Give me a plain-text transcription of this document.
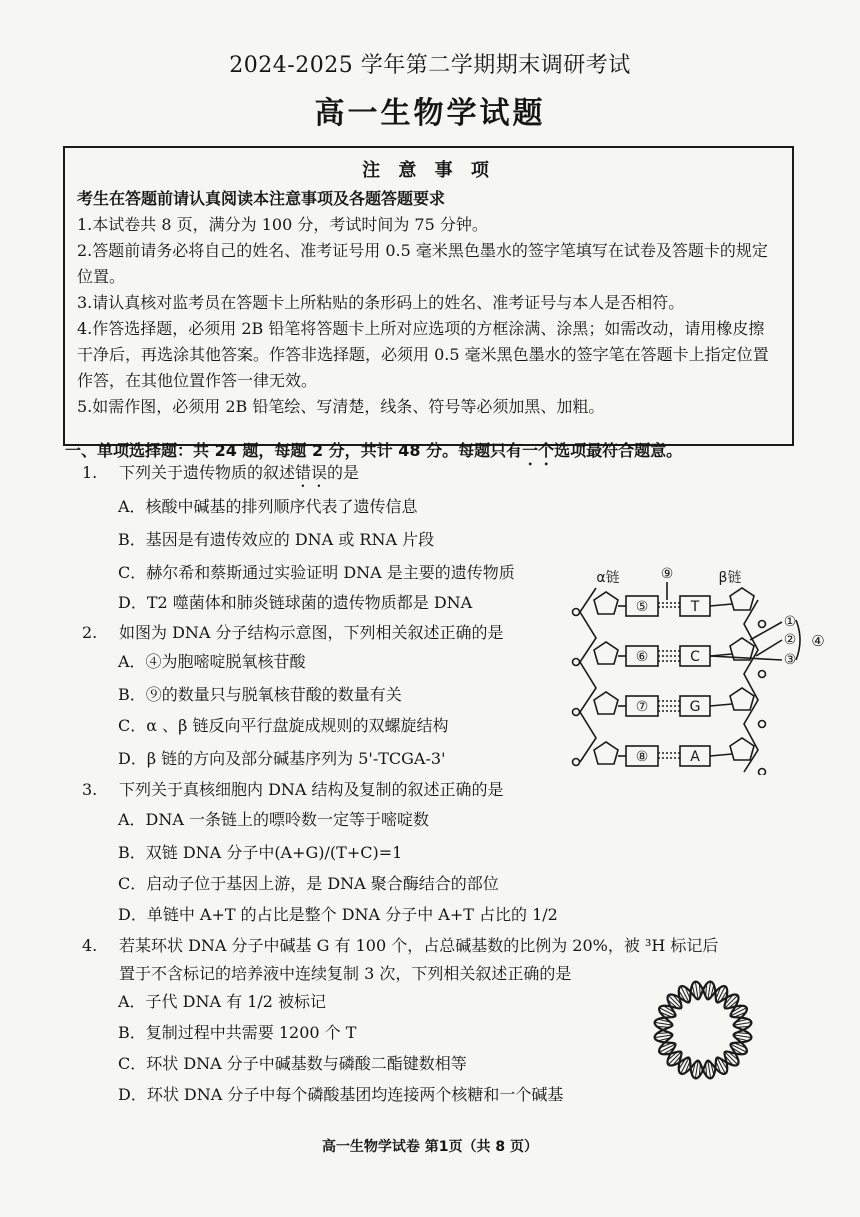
2024-2025 学年第二学期期末调研考试
高一生物学试题
注 意 事 项
考生在答题前请认真阅读本注意事项及各题答题要求
1.本试卷共 8 页，满分为 100 分，考试时间为 75 分钟。
2.答题前请务必将自己的姓名、准考证号用 0.5 毫米黑色墨水的签字笔填写在试卷及答题卡的规定位置。
3.请认真核对监考员在答题卡上所粘贴的条形码上的姓名、准考证号与本人是否相符。
4.作答选择题，必须用 2B 铅笔将答题卡上所对应选项的方框涂满、涂黑；如需改动，请用橡皮擦干净后，再选涂其他答案。作答非选择题，必须用 0.5 毫米黑色墨水的签字笔在答题卡上指定位置作答，在其他位置作答一律无效。
5.如需作图，必须用 2B 铅笔绘、写清楚，线条、符号等必须加黑、加粗。
一、单项选择题：共 24 题，每题 2 分，共计 48 分。每题只有一个选项最符合题意。
1.	下列关于遗传物质的叙述错误的是
A．核酸中碱基的排列顺序代表了遗传信息
B．基因是有遗传效应的 DNA 或 RNA 片段
C．赫尔希和蔡斯通过实验证明 DNA 是主要的遗传物质
D．T2 噬菌体和肺炎链球菌的遗传物质都是 DNA
2.	如图为 DNA 分子结构示意图，下列相关叙述正确的是
A．④为胞嘧啶脱氧核苷酸
B．⑨的数量只与脱氧核苷酸的数量有关
C．α 、β 链反向平行盘旋成规则的双螺旋结构
D．β 链的方向及部分碱基序列为 5'-TCGA-3'
3.	下列关于真核细胞内 DNA 结构及复制的叙述正确的是
A．DNA 一条链上的嘌呤数一定等于嘧啶数
B．双链 DNA 分子中(A+G)/(T+C)=1
C．启动子位于基因上游，是 DNA 聚合酶结合的部位
D．单链中 A+T 的占比是整个 DNA 分子中 A+T 占比的 1/2
4.	若某环状 DNA 分子中碱基 G 有 100 个，占总碱基数的比例为 20%，被 ³H 标记后
置于不含标记的培养液中连续复制 3 次，下列相关叙述正确的是
A．子代 DNA 有 1/2 被标记
B．复制过程中共需要 1200 个 T
C．环状 DNA 分子中碱基数与磷酸二酯键数相等
D．环状 DNA 分子中每个磷酸基团均连接两个核糖和一个碱基
α链	β链
⑨
⑤
⑥
⑦
⑧
T
C
G
A
①
②
③
④
高一生物学试卷 第1页（共 8 页）
